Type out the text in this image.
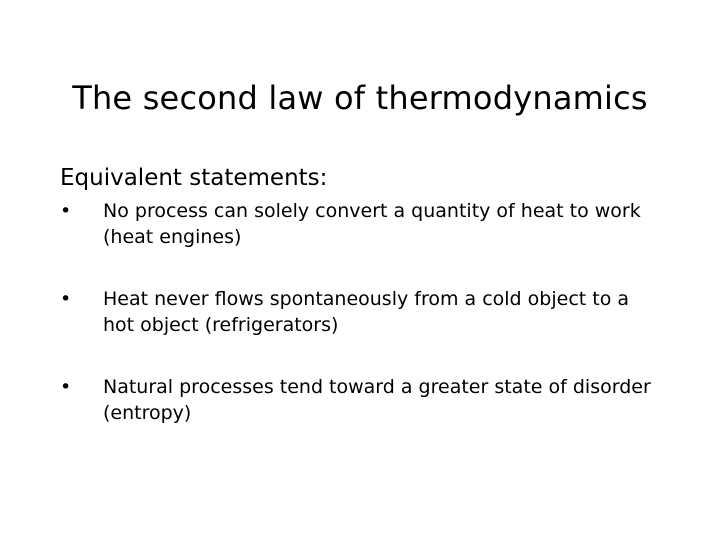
The second law of thermodynamics

Equivalent statements:

• No process can solely convert a quantity of heat to work (heat engines)
• Heat never flows spontaneously from a cold object to a hot object (refrigerators)
• Natural processes tend toward a greater state of disorder (entropy)
